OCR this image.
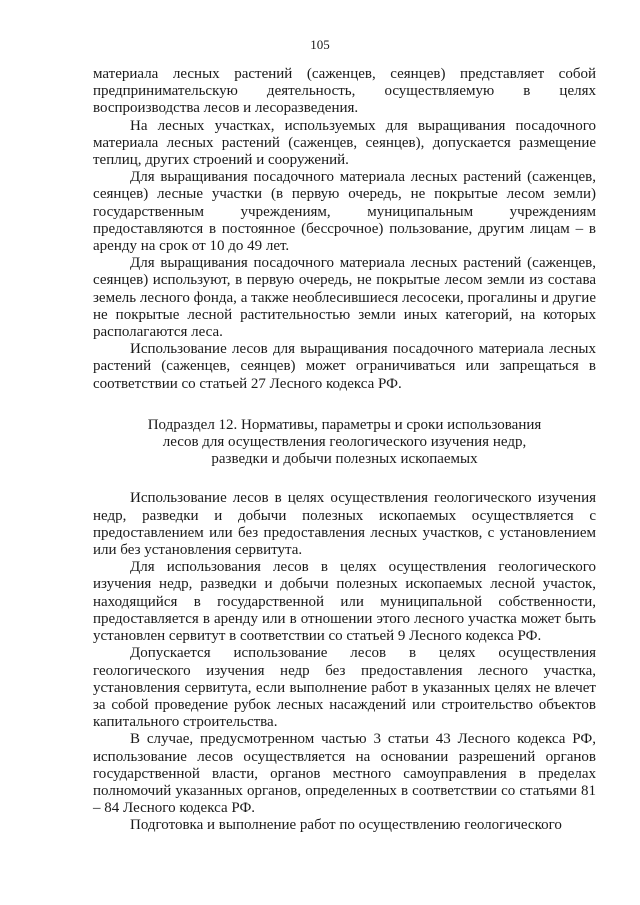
105

материала лесных растений (саженцев, сеянцев) представляет собой предпринимательскую деятельность, осуществляемую в целях воспроизводства лесов и лесоразведения.

На лесных участках, используемых для выращивания посадочного материала лесных растений (саженцев, сеянцев), допускается размещение теплиц, других строений и сооружений.

Для выращивания посадочного материала лесных растений (саженцев, сеянцев) лесные участки (в первую очередь, не покрытые лесом земли) государственным учреждениям, муниципальным учреждениям предоставляются в постоянное (бессрочное) пользование, другим лицам – в аренду на срок от 10 до 49 лет.

Для выращивания посадочного материала лесных растений (саженцев, сеянцев) используют, в первую очередь, не покрытые лесом земли из состава земель лесного фонда, а также необлесившиеся лесосеки, прогалины и другие не покрытые лесной растительностью земли иных категорий, на которых располагаются леса.

Использование лесов для выращивания посадочного материала лесных растений (саженцев, сеянцев) может ограничиваться или запрещаться в соответствии со статьей 27 Лесного кодекса РФ.

Подраздел 12. Нормативы, параметры и сроки использования
лесов для осуществления геологического изучения недр,
разведки и добычи полезных ископаемых

Использование лесов в целях осуществления геологического изучения недр, разведки и добычи полезных ископаемых осуществляется с предоставлением или без предоставления лесных участков, с установлением или без установления сервитута.

Для использования лесов в целях осуществления геологического изучения недр, разведки и добычи полезных ископаемых лесной участок, находящийся в государственной или муниципальной собственности, предоставляется в аренду или в отношении этого лесного участка может быть установлен сервитут в соответствии со статьей 9 Лесного кодекса РФ.

Допускается использование лесов в целях осуществления геологического изучения недр без предоставления лесного участка, установления сервитута, если выполнение работ в указанных целях не влечет за собой проведение рубок лесных насаждений или строительство объектов капитального строительства.

В случае, предусмотренном частью 3 статьи 43 Лесного кодекса РФ, использование лесов осуществляется на основании разрешений органов государственной власти, органов местного самоуправления в пределах полномочий указанных органов, определенных в соответствии со статьями 81 – 84 Лесного кодекса РФ.

Подготовка и выполнение работ по осуществлению геологического
